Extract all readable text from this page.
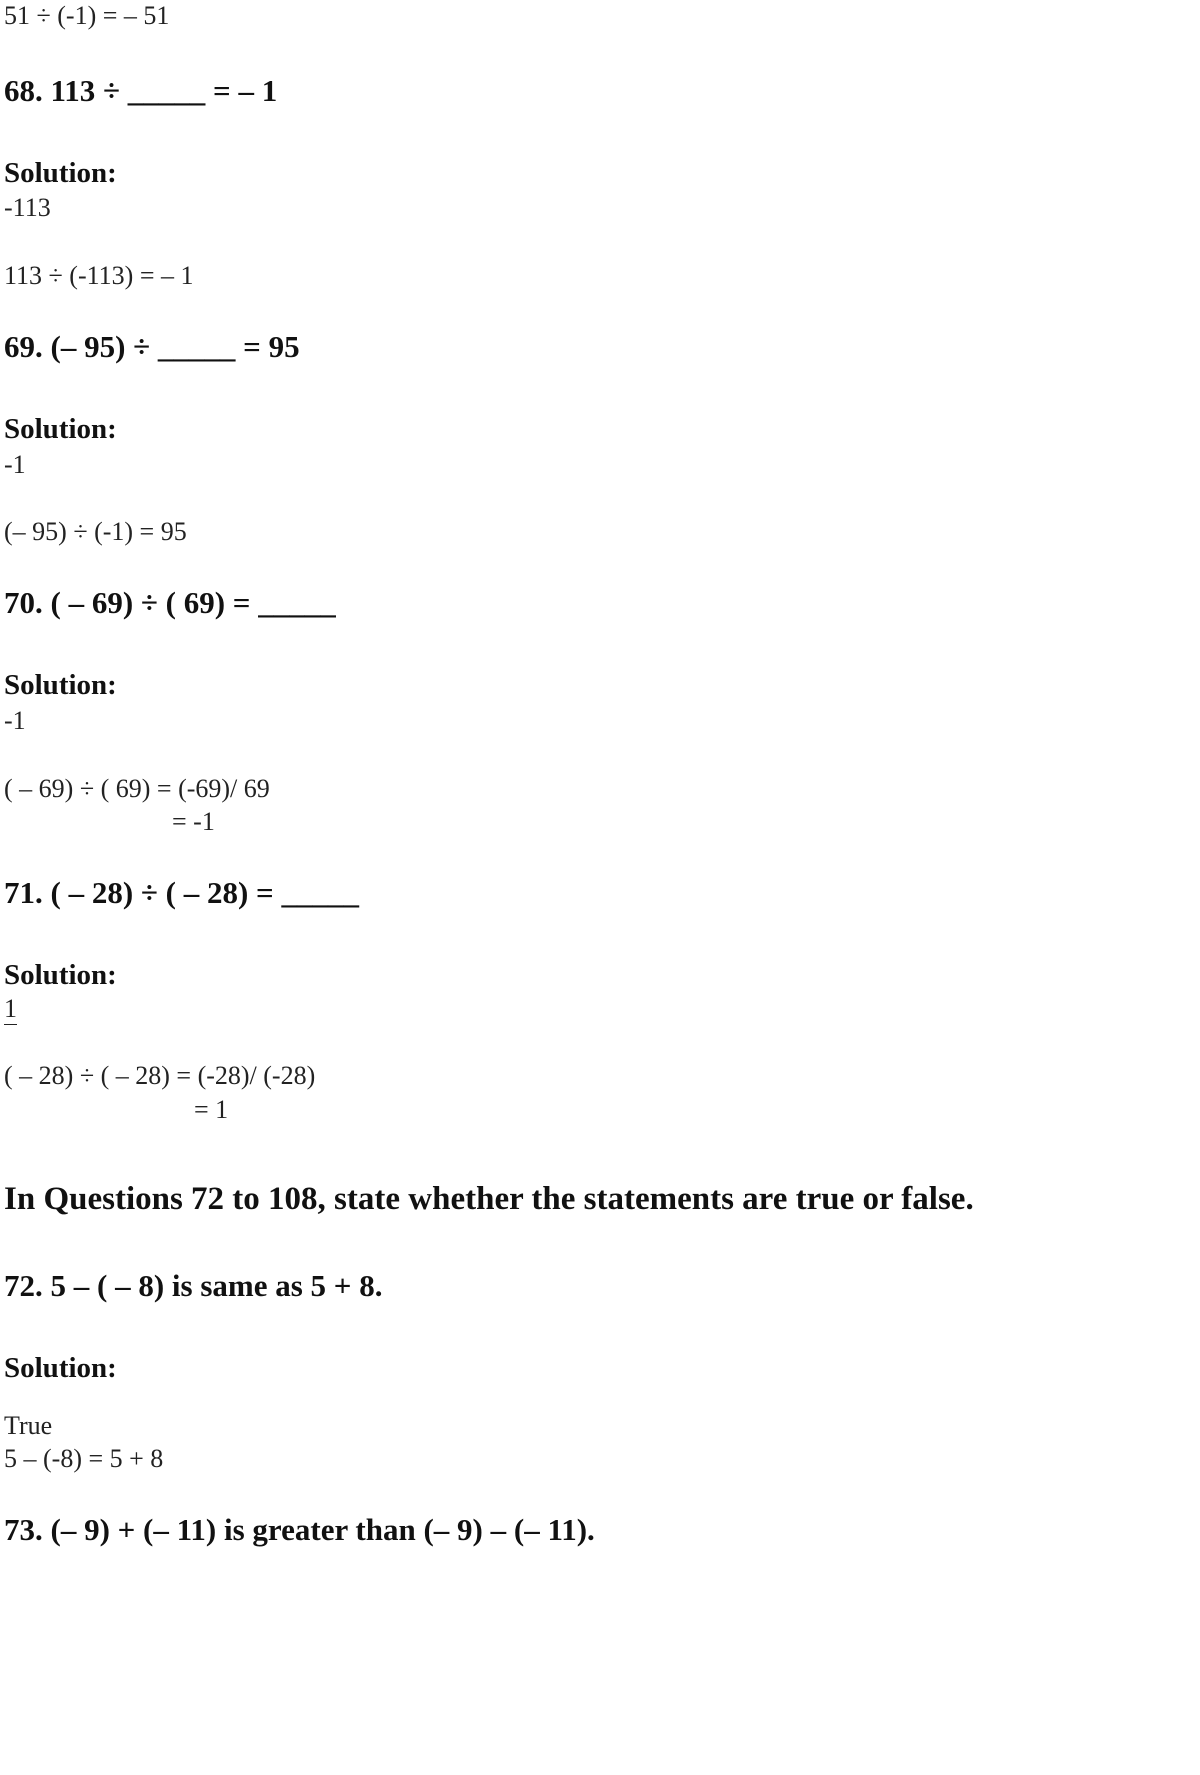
51 ÷ (-1) = – 51
68. 113 ÷ _____ = – 1
Solution:
-113
113 ÷ (-113) = – 1
69. (– 95) ÷ _____ = 95
Solution:
-1
(– 95) ÷ (-1) = 95
70. ( – 69) ÷ ( 69) = _____
Solution:
-1
( – 69) ÷ ( 69) = (-69)/ 69
= -1
71. ( – 28) ÷ ( – 28) = _____
Solution:
1
( – 28) ÷ ( – 28) = (-28)/ (-28)
= 1
In Questions 72 to 108, state whether the statements are true or false.
72. 5 – ( – 8) is same as 5 + 8.
Solution:
True
5 – (-8) = 5 + 8
73. (– 9) + (– 11) is greater than (– 9) – (– 11).
